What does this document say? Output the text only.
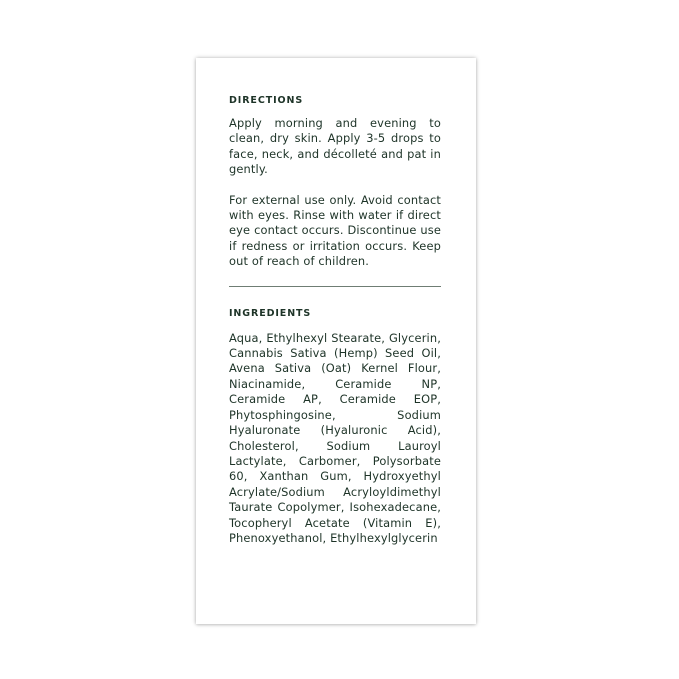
DIRECTIONS

Apply morning and evening to clean, dry skin. Apply 3-5 drops to face, neck, and décolleté and pat in gently.

For external use only. Avoid contact with eyes. Rinse with water if direct eye contact occurs. Discontinue use if redness or irritation occurs. Keep out of reach of children.

INGREDIENTS

Aqua, Ethylhexyl Stearate, Glycerin, Cannabis Sativa (Hemp) Seed Oil, Avena Sativa (Oat) Kernel Flour, Niacinamide, Ceramide NP, Ceramide AP, Ceramide EOP, Phytosphingosine, Sodium Hyaluronate (Hyaluronic Acid), Cholesterol, Sodium Lauroyl Lactylate, Carbomer, Polysorbate 60, Xanthan Gum, Hydroxyethyl Acrylate/Sodium Acryloyldimethyl Taurate Copolymer, Isohexadecane, Tocopheryl Acetate (Vitamin E), Phenoxyethanol, Ethylhexylglycerin
